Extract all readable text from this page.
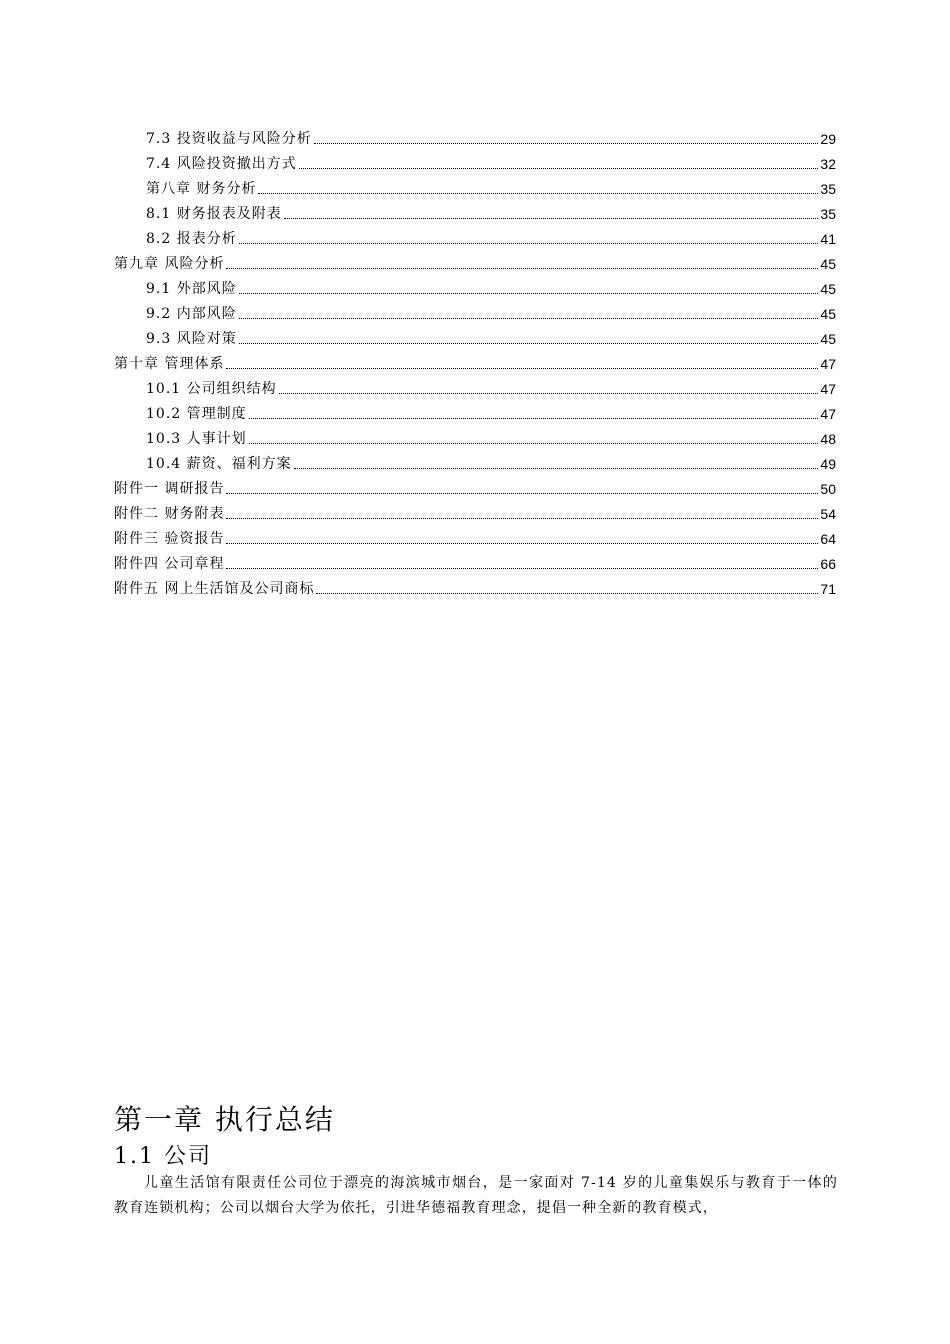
7.3 投资收益与风险分析	29
7.4 风险投资撤出方式	32
第八章 财务分析	35
8.1 财务报表及附表	35
8.2 报表分析	41
第九章 风险分析	45
9.1 外部风险	45
9.2 内部风险	45
9.3 风险对策	45
第十章 管理体系	47
10.1 公司组织结构	47
10.2 管理制度	47
10.3 人事计划	48
10.4 薪资、福利方案	49
附件一 调研报告	50
附件二 财务附表	54
附件三 验资报告	64
附件四 公司章程	66
附件五 网上生活馆及公司商标	71
第一章 执行总结
1.1 公司
儿童生活馆有限责任公司位于漂亮的海滨城市烟台，是一家面对 7-14 岁的儿童集娱乐与教育于一体的教育连锁机构；公司以烟台大学为依托，引进华德福教育理念，提倡一种全新的教育模式，
